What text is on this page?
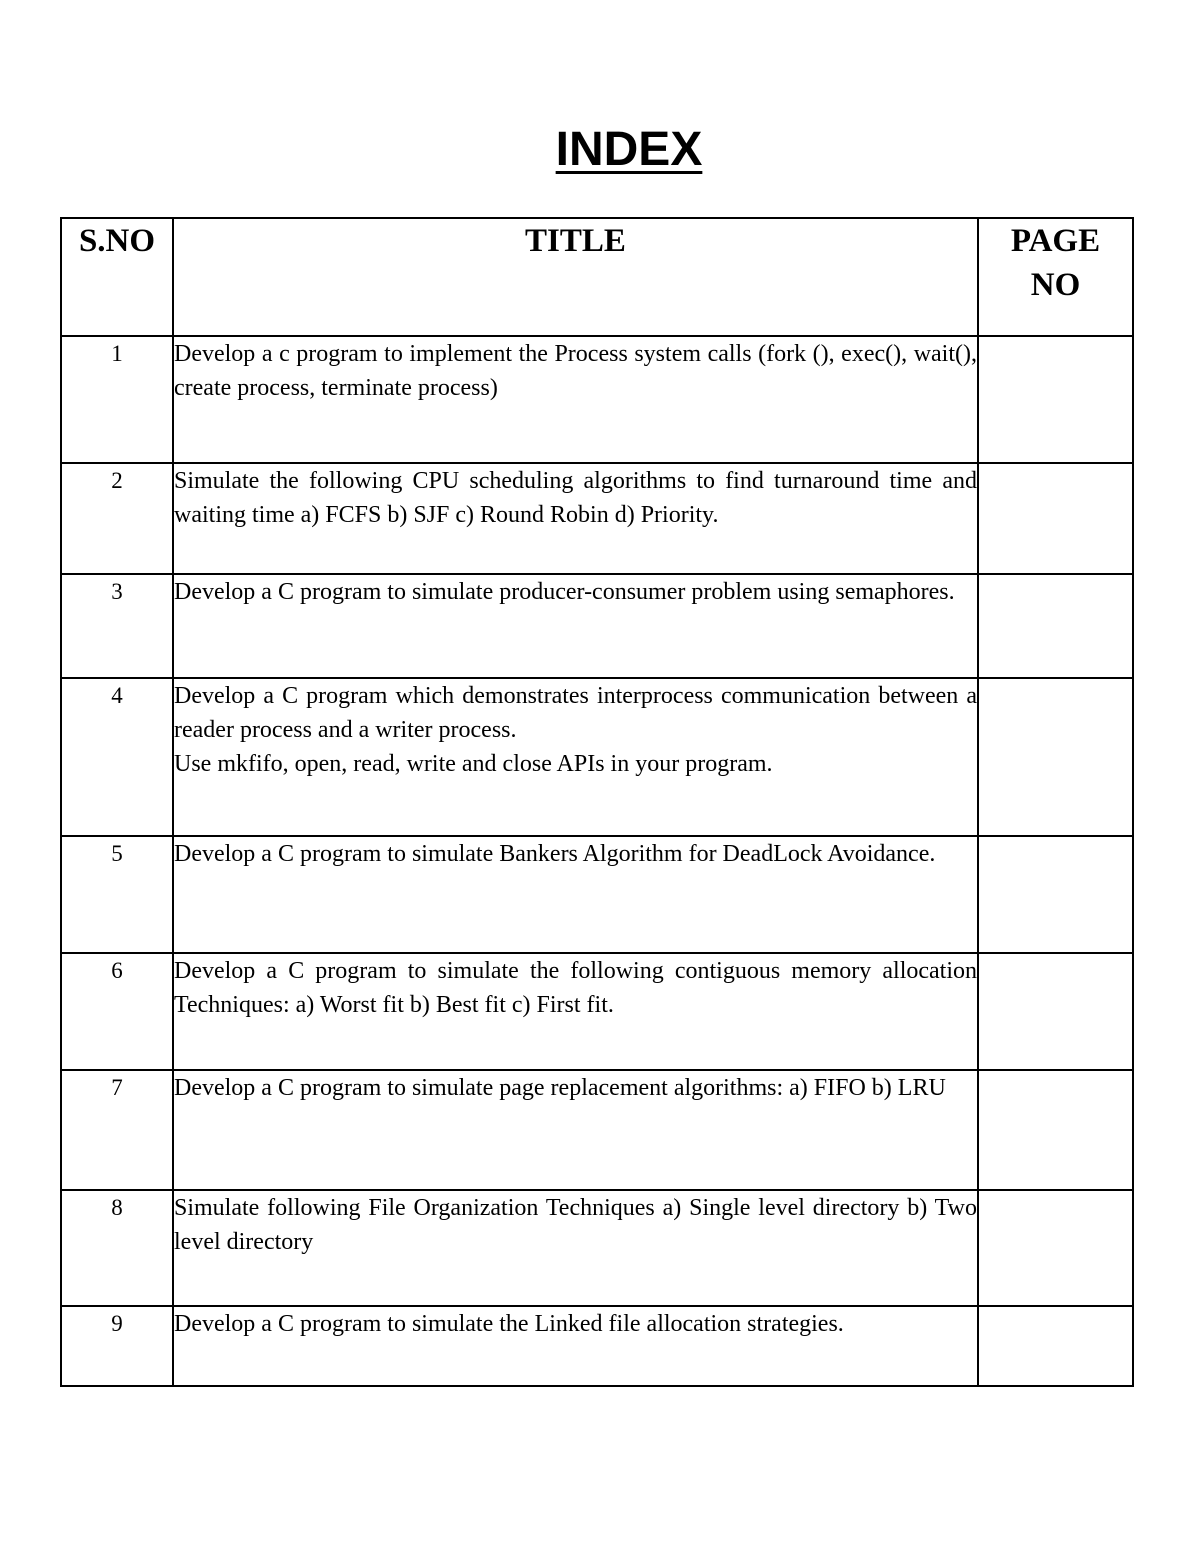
INDEX
S.NO	TITLE	PAGE NO
1	Develop a c program to implement the Process system calls (fork (), exec(), wait(), create process, terminate process)	
2	Simulate the following CPU scheduling algorithms to find turnaround time and waiting time a) FCFS b) SJF c) Round Robin d) Priority.	
3	Develop a C program to simulate producer-consumer problem using semaphores.	
4	Develop a C program which demonstrates interprocess communication between a reader process and a writer process.
Use mkfifo, open, read, write and close APIs in your program.	

5	Develop a C program to simulate Bankers Algorithm for DeadLock Avoidance.	
6	Develop a C program to simulate the following contiguous memory allocation Techniques: a) Worst fit b) Best fit c) First fit.	
7	Develop a C program to simulate page replacement algorithms: a) FIFO b) LRU	
8	Simulate following File Organization Techniques a) Single level directory b) Two level directory	
9	Develop a C program to simulate the Linked file allocation strategies.	
